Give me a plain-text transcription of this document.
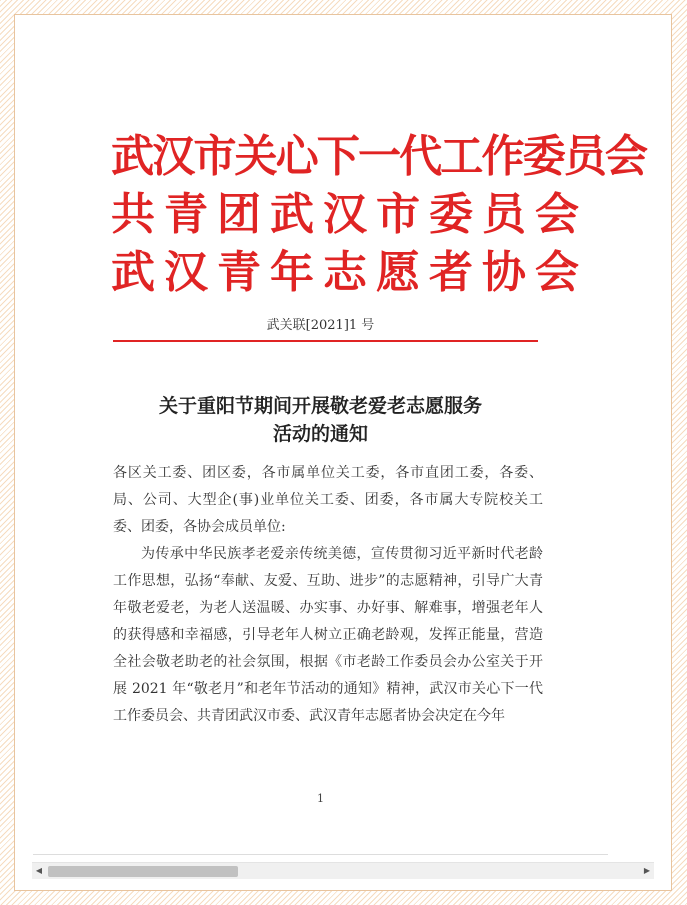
武汉市关心下一代工作委员会
共青团武汉市委员会
武汉青年志愿者协会
武关联[2021]1 号
关于重阳节期间开展敬老爱老志愿服务
活动的通知

各区关工委、团区委，各市属单位关工委，各市直团工委，各委、局、公司、大型企(事)业单位关工委、团委，各市属大专院校关工委、团委，各协会成员单位:

为传承中华民族孝老爱亲传统美德，宣传贯彻习近平新时代老龄工作思想，弘扬“奉献、友爱、互助、进步”的志愿精神，引导广大青年敬老爱老，为老人送温暖、办实事、办好事、解难事，增强老年人的获得感和幸福感，引导老年人树立正确老龄观，发挥正能量，营造全社会敬老助老的社会氛围，根据《市老龄工作委员会办公室关于开展 2021 年“敬老月”和老年节活动的通知》精神，武汉市关心下一代工作委员会、共青团武汉市委、武汉青年志愿者协会决定在今年

1
◀	▶
